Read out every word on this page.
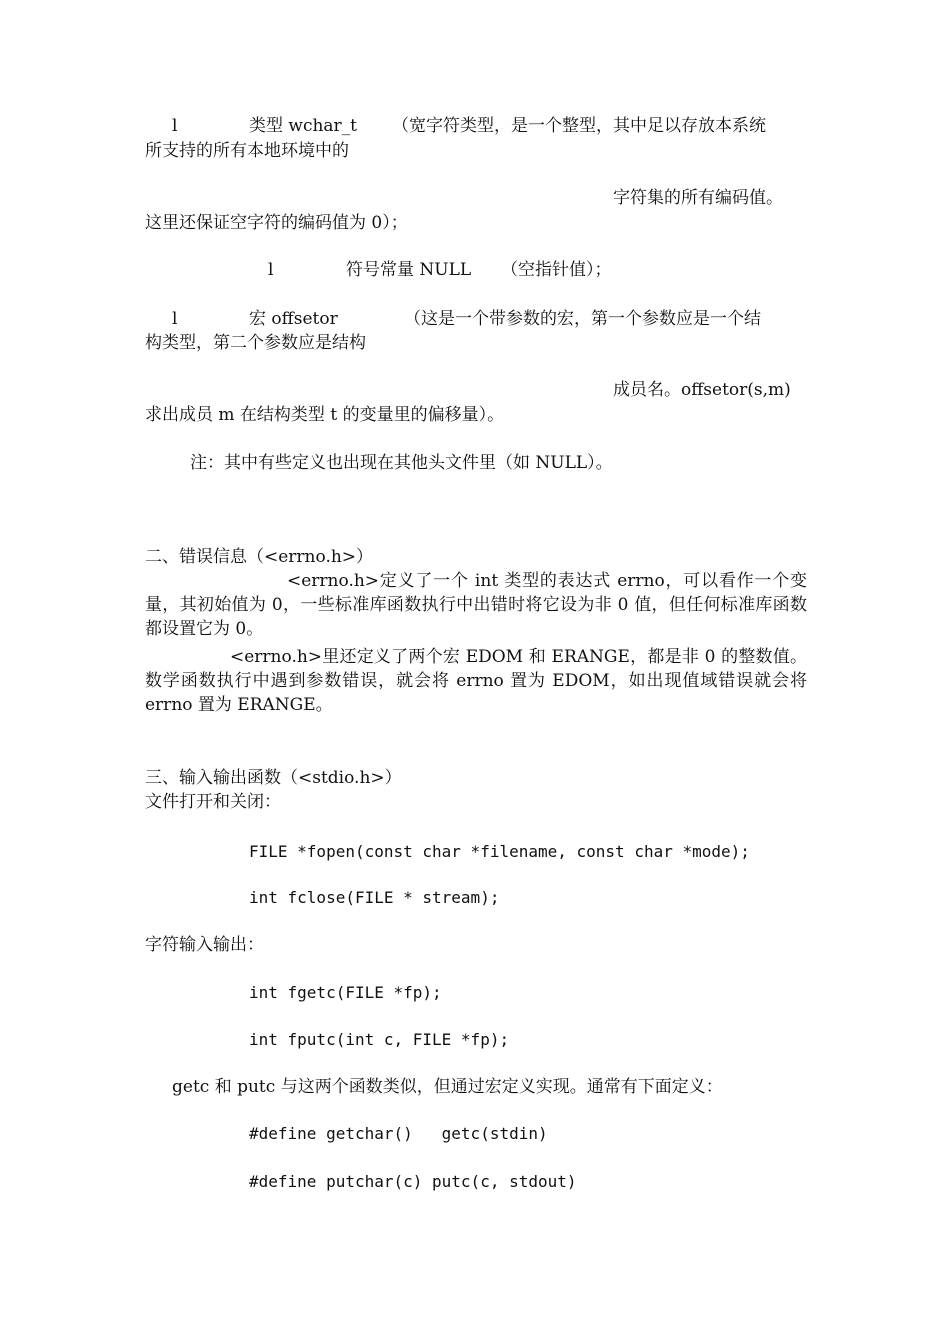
l	类型 wchar_t （宽字符类型，是一个整型，其中足以存放本系统
所支持的所有本地环境中的
字符集的所有编码值。
这里还保证空字符的编码值为 0）；
l	符号常量 NULL （空指针值）；
l	宏 offsetor	（这是一个带参数的宏，第一个参数应是一个结
构类型，第二个参数应是结构
成员名。offsetor(s,m)
求出成员 m 在结构类型 t 的变量里的偏移量）。
注：其中有些定义也出现在其他头文件里（如 NULL）。
二、错误信息（<errno.h>）
<errno.h>定义了一个 int 类型的表达式 errno，可以看作一个变量，其初始值为 0，一些标准库函数执行中出错时将它设为非 0 值，但任何标准库函数都设置它为 0。
<errno.h>里还定义了两个宏 EDOM 和 ERANGE，都是非 0 的整数值。数学函数执行中遇到参数错误，就会将 errno 置为 EDOM，如出现值域错误就会将 errno 置为 ERANGE。
三、输入输出函数（<stdio.h>）
文件打开和关闭：
FILE *fopen(const char *filename, const char *mode);
int fclose(FILE * stream);
字符输入输出：
int fgetc(FILE *fp);
int fputc(int c, FILE *fp);
getc 和 putc 与这两个函数类似，但通过宏定义实现。通常有下面定义：
#define getchar()   getc(stdin)
#define putchar(c) putc(c, stdout)
